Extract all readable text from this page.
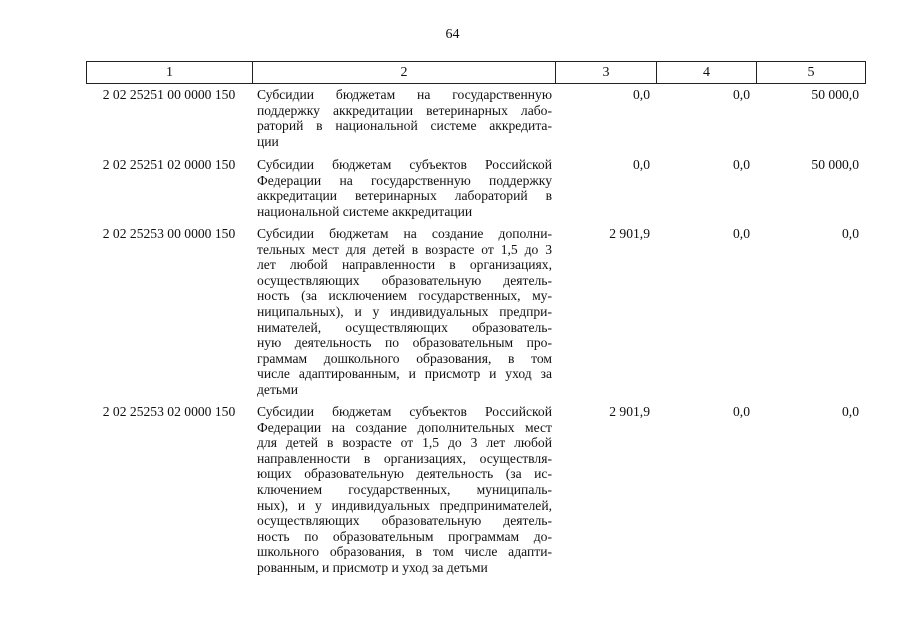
64
1	2	3	4	5
2 02 25251 00 0000 150	Субсидии бюджетам на государственную
поддержку аккредитации ветеринарных лабо-
раторий в национальной системе аккредита-
ции
0,0	0,0	50 000,0
2 02 25251 02 0000 150	Субсидии бюджетам субъектов Российской
Федерации на государственную поддержку
аккредитации ветеринарных лабораторий в
национальной системе аккредитации
0,0	0,0	50 000,0
2 02 25253 00 0000 150	Субсидии бюджетам на создание дополни-
тельных мест для детей в возрасте от 1,5 до 3
лет любой направленности в организациях,
осуществляющих образовательную деятель-
ность (за исключением государственных, му-
ниципальных), и у индивидуальных предпри-
нимателей, осуществляющих образователь-
ную деятельность по образовательным про-
граммам дошкольного образования, в том
числе адаптированным, и присмотр и уход за
детьми
2 901,9	0,0	0,0
2 02 25253 02 0000 150	Субсидии бюджетам субъектов Российской
Федерации на создание дополнительных мест
для детей в возрасте от 1,5 до 3 лет любой
направленности в организациях, осуществля-
ющих образовательную деятельность (за ис-
ключением государственных, муниципаль-
ных), и у индивидуальных предпринимателей,
осуществляющих образовательную деятель-
ность по образовательным программам до-
школьного образования, в том числе адапти-
рованным, и присмотр и уход за детьми
2 901,9	0,0	0,0
